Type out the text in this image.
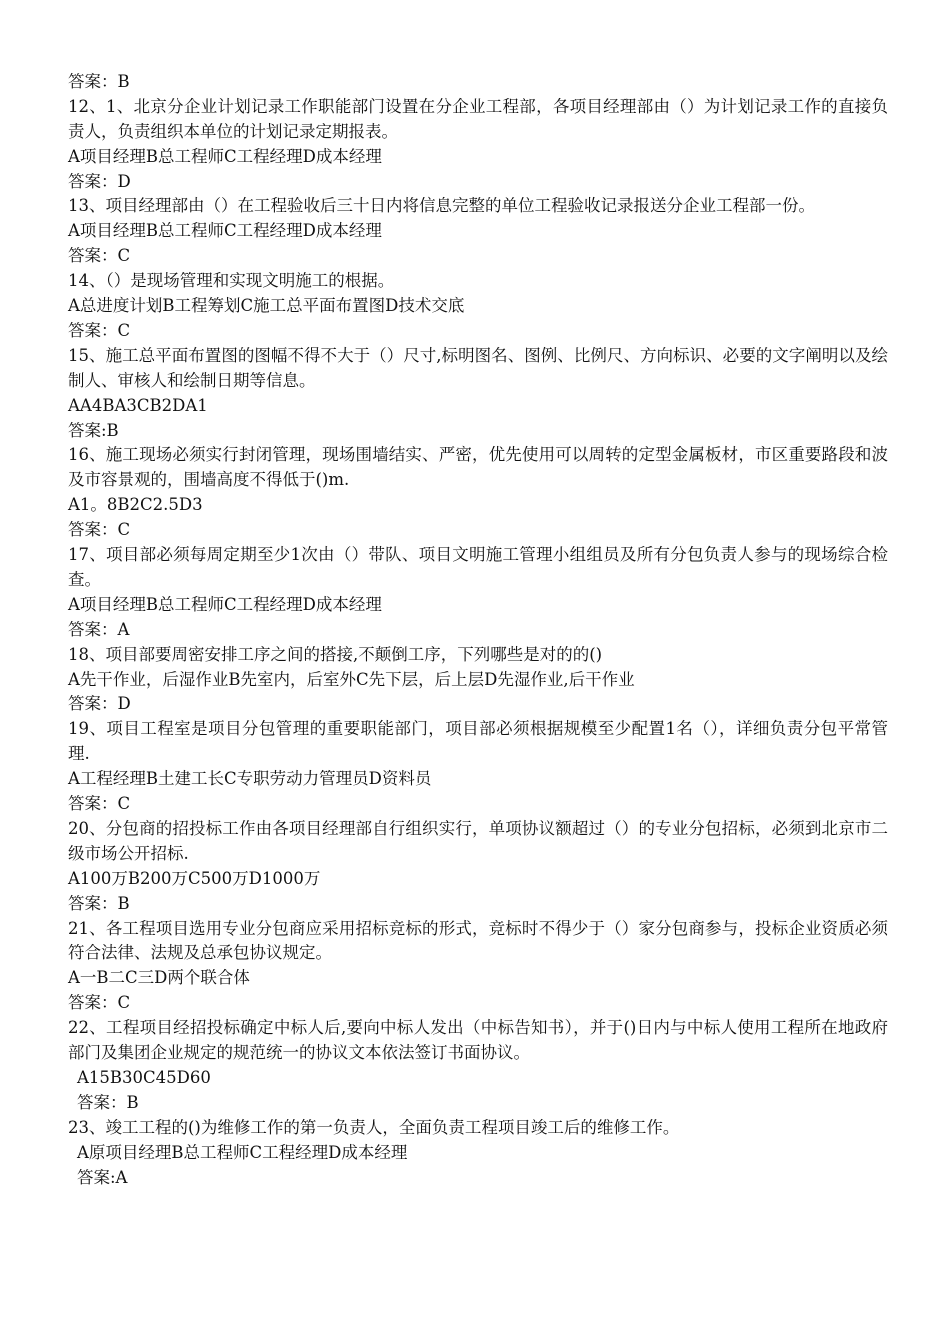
答案：B
12、1、北京分企业计划记录工作职能部门设置在分企业工程部，各项目经理部由（）为计划记录工作的直接负责人，负责组织本单位的计划记录定期报表。
A项目经理B总工程师C工程经理D成本经理
答案：D
13、项目经理部由（）在工程验收后三十日内将信息完整的单位工程验收记录报送分企业工程部一份。
A项目经理B总工程师C工程经理D成本经理
答案：C
14、（）是现场管理和实现文明施工的根据。
A总进度计划B工程筹划C施工总平面布置图D技术交底
答案：C
15、施工总平面布置图的图幅不得不大于（）尺寸,标明图名、图例、比例尺、方向标识、必要的文字阐明以及绘制人、审核人和绘制日期等信息。
AA4BA3CB2DA1
答案:B
16、施工现场必须实行封闭管理，现场围墙结实、严密，优先使用可以周转的定型金属板材，市区重要路段和波及市容景观的，围墙高度不得低于()m.
A1。8B2C2.5D3
答案：C
17、项目部必须每周定期至少1次由（）带队、项目文明施工管理小组组员及所有分包负责人参与的现场综合检查。
A项目经理B总工程师C工程经理D成本经理
答案：A
18、项目部要周密安排工序之间的搭接,不颠倒工序，下列哪些是对的的()
A先干作业，后湿作业B先室内，后室外C先下层，后上层D先湿作业,后干作业
答案：D
19、项目工程室是项目分包管理的重要职能部门，项目部必须根据规模至少配置1名（），详细负责分包平常管理.
A工程经理B土建工长C专职劳动力管理员D资料员
答案：C
20、分包商的招投标工作由各项目经理部自行组织实行，单项协议额超过（）的专业分包招标，必须到北京市二级市场公开招标.
A100万B200万C500万D1000万
答案：B
21、各工程项目选用专业分包商应采用招标竞标的形式，竞标时不得少于（）家分包商参与，投标企业资质必须符合法律、法规及总承包协议规定。
A一B二C三D两个联合体
答案：C
22、工程项目经招投标确定中标人后,要向中标人发出（中标告知书），并于()日内与中标人使用工程所在地政府部门及集团企业规定的规范统一的协议文本依法签订书面协议。
A15B30C45D60
答案：B
23、竣工工程的()为维修工作的第一负责人，全面负责工程项目竣工后的维修工作。
A原项目经理B总工程师C工程经理D成本经理
答案:A
